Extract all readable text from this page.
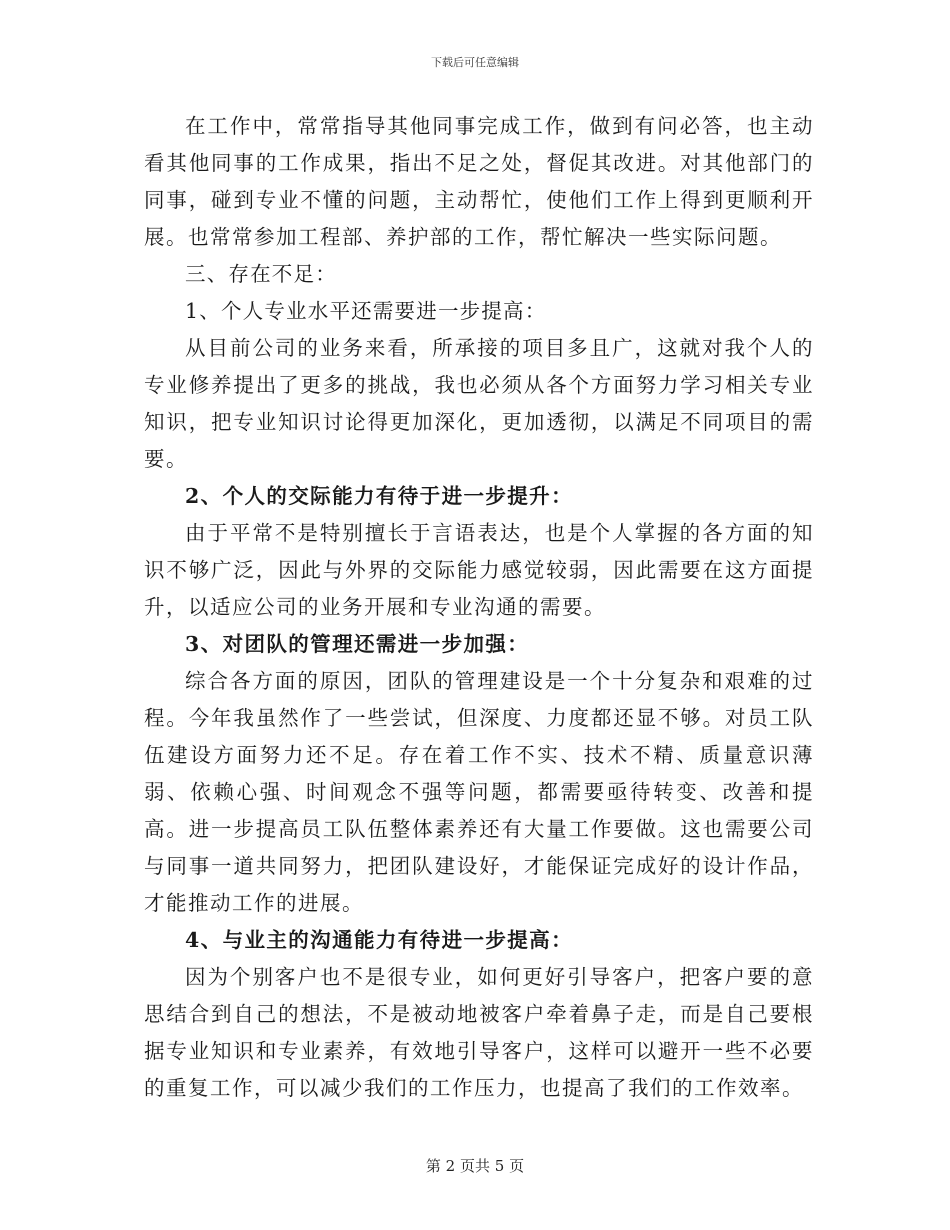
下载后可任意编辑

在工作中，常常指导其他同事完成工作，做到有问必答，也主动看其他同事的工作成果，指出不足之处，督促其改进。对其他部门的同事，碰到专业不懂的问题，主动帮忙，使他们工作上得到更顺利开展。也常常参加工程部、养护部的工作，帮忙解决一些实际问题。

三、存在不足：

1、个人专业水平还需要进一步提高：

从目前公司的业务来看，所承接的项目多且广，这就对我个人的专业修养提出了更多的挑战，我也必须从各个方面努力学习相关专业知识，把专业知识讨论得更加深化，更加透彻，以满足不同项目的需要。

2、个人的交际能力有待于进一步提升：

由于平常不是特别擅长于言语表达，也是个人掌握的各方面的知识不够广泛，因此与外界的交际能力感觉较弱，因此需要在这方面提升，以适应公司的业务开展和专业沟通的需要。

3、对团队的管理还需进一步加强：

综合各方面的原因，团队的管理建设是一个十分复杂和艰难的过程。今年我虽然作了一些尝试，但深度、力度都还显不够。对员工队伍建设方面努力还不足。存在着工作不实、技术不精、质量意识薄弱、依赖心强、时间观念不强等问题，都需要亟待转变、改善和提高。进一步提高员工队伍整体素养还有大量工作要做。这也需要公司与同事一道共同努力，把团队建设好，才能保证完成好的设计作品，才能推动工作的进展。

4、与业主的沟通能力有待进一步提高：

因为个别客户也不是很专业，如何更好引导客户，把客户要的意思结合到自己的想法，不是被动地被客户牵着鼻子走，而是自己要根据专业知识和专业素养，有效地引导客户，这样可以避开一些不必要的重复工作，可以减少我们的工作压力，也提高了我们的工作效率。

第 2 页共 5 页
